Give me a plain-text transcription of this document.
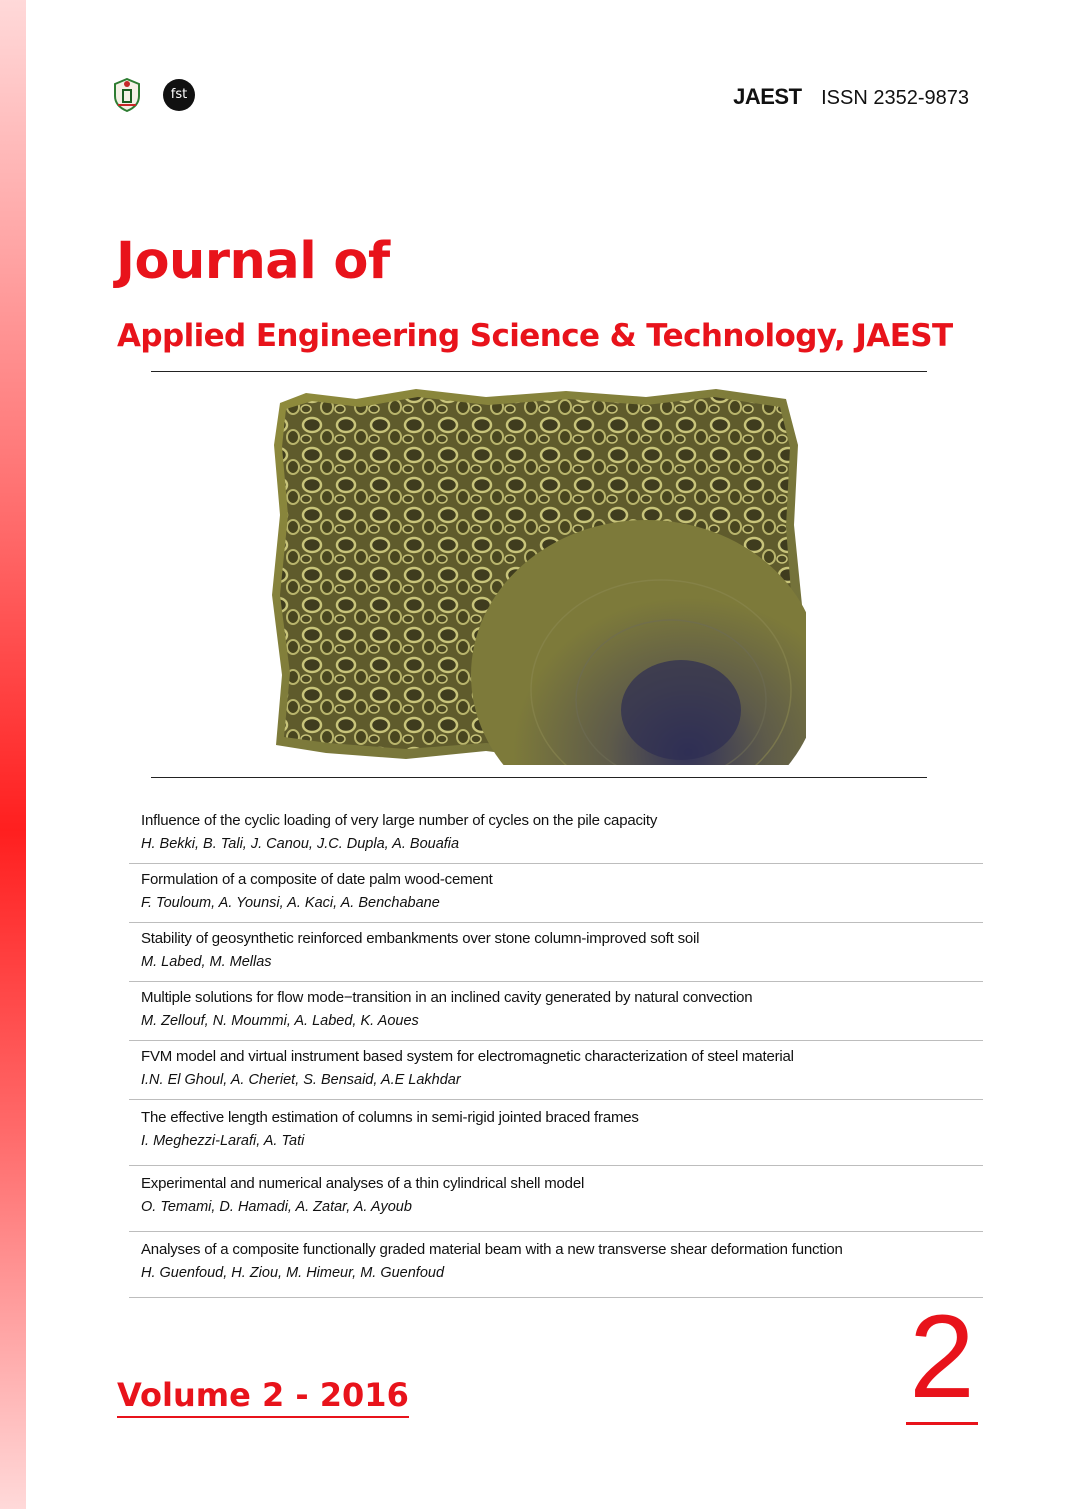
fst	JAEST ISSN 2352-9873
Journal of
Applied Engineering Science & Technology, JAEST
Influence of the cyclic loading of very large number of cycles on the pile capacity
H. Bekki, B. Tali, J. Canou, J.C. Dupla, A. Bouafia
Formulation of a composite of date palm wood-cement
F. Touloum, A. Younsi, A. Kaci, A. Benchabane
Stability of geosynthetic reinforced embankments over stone column-improved soft soil
M. Labed, M. Mellas
Multiple solutions for flow mode−transition in an inclined cavity generated by natural convection
M. Zellouf, N. Moummi, A. Labed, K. Aoues
FVM model and virtual instrument based system for electromagnetic characterization of steel material
I.N. El Ghoul, A. Cheriet, S. Bensaid, A.E Lakhdar
The effective length estimation of columns in semi-rigid jointed braced frames
I. Meghezzi-Larafi, A. Tati
Experimental and numerical analyses of a thin cylindrical shell model
O. Temami, D. Hamadi, A. Zatar, A. Ayoub
Analyses of a composite functionally graded material beam with a new transverse shear deformation function
H. Guenfoud, H. Ziou, M. Himeur, M. Guenfoud
Volume 2 - 2016	2
